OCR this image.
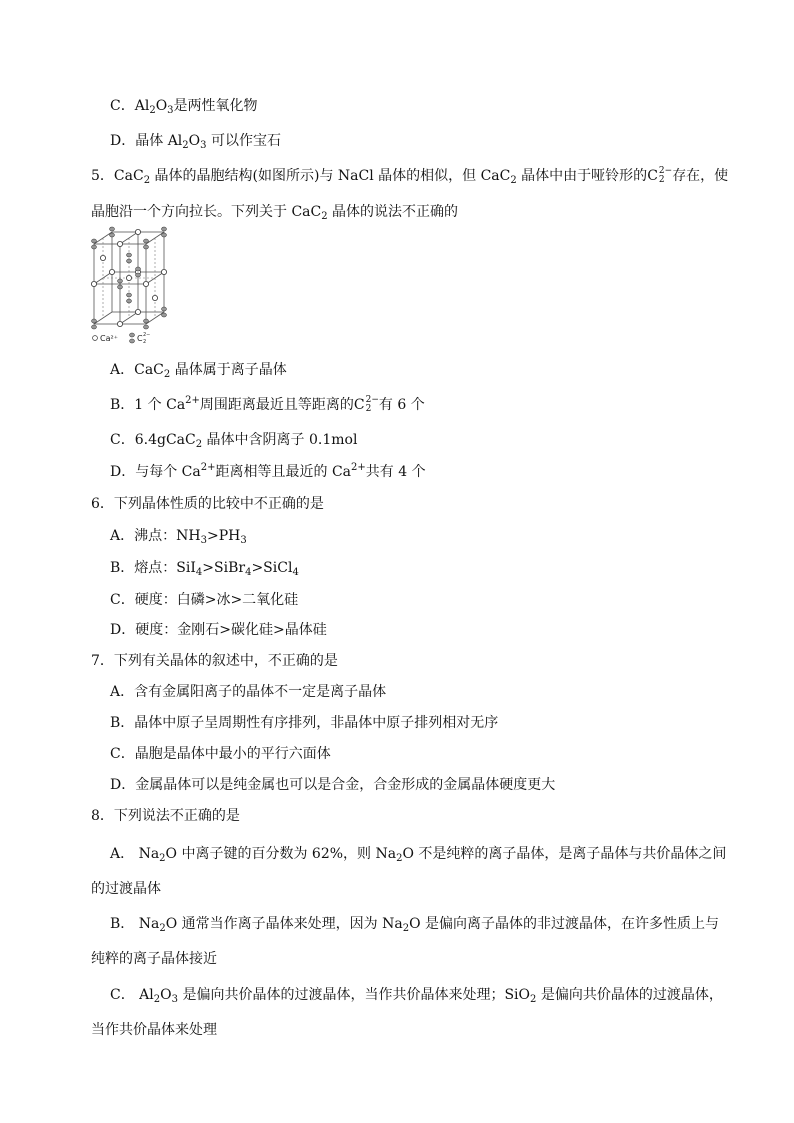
C．$Al_2O_3$是两性氧化物
D．晶体 $Al_2O_3$ 可以作宝石
5．CaC$_2$ 晶体的晶胞结构(如图所示)与 NaCl 晶体的相似，但 CaC$_2$ 晶体中由于哑铃形的C 2−
2 存在，使
晶胞沿一个方向拉长。下列关于 CaC$_2$ 晶体的说法不正确的
Ca²⁺ C 2−
2
A．CaC$_2$ 晶体属于离子晶体
B．1 个 $Ca^{2+}$周围距离最近且等距离的C 2−
2 有 6 个
C．6.4gCaC$_2$ 晶体中含阴离子 0.1mol
D．与每个 $Ca^{2+}$距离相等且最近的 $Ca^{2+}$共有 4 个
6．下列晶体性质的比较中不正确的是
A．沸点：$NH_3>PH_3$
B．熔点：SiI$_4$>SiBr$_4$>SiCl$_4$
C．硬度：白磷>冰>二氧化硅
D．硬度：金刚石>碳化硅>晶体硅
7．下列有关晶体的叙述中，不正确的是
A．含有金属阳离子的晶体不一定是离子晶体
B．晶体中原子呈周期性有序排列，非晶体中原子排列相对无序
C．晶胞是晶体中最小的平行六面体
D．金属晶体可以是纯金属也可以是合金，合金形成的金属晶体硬度更大
8．下列说法不正确的是
A． $Na_2O$ 中离子键的百分数为 62%，则 $Na_2O$ 不是纯粹的离子晶体，是离子晶体与共价晶体之间
的过渡晶体
B． $Na_2O$ 通常当作离子晶体来处理，因为 $Na_2O$ 是偏向离子晶体的非过渡晶体，在许多性质上与
纯粹的离子晶体接近
C． $Al_2O_3$ 是偏向共价晶体的过渡晶体，当作共价晶体来处理；SiO$_2$ 是偏向共价晶体的过渡晶体，
当作共价晶体来处理
